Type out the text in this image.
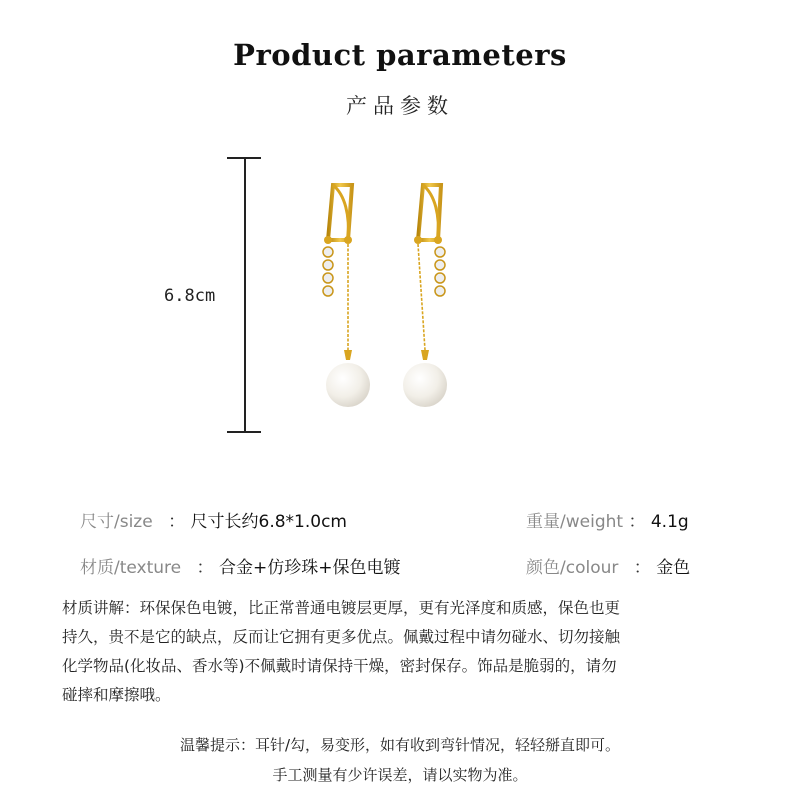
Product parameters
产品参数
6.8cm
尺寸/size ： 尺寸长约6.8*1.0cm	重量/weight ： 4.1g
材质/texture ： 合金+仿珍珠+保色电镀	颜色/colour ： 金色
材质讲解：环保保色电镀，比正常普通电镀层更厚，更有光泽度和质感，保色也更
持久，贵不是它的缺点，反而让它拥有更多优点。佩戴过程中请勿碰水、切勿接触
化学物品(化妆品、香水等)不佩戴时请保持干燥，密封保存。饰品是脆弱的，请勿
碰摔和摩擦哦。
温馨提示：耳针/勾，易变形，如有收到弯针情况，轻轻掰直即可。
手工测量有少许误差，请以实物为准。
